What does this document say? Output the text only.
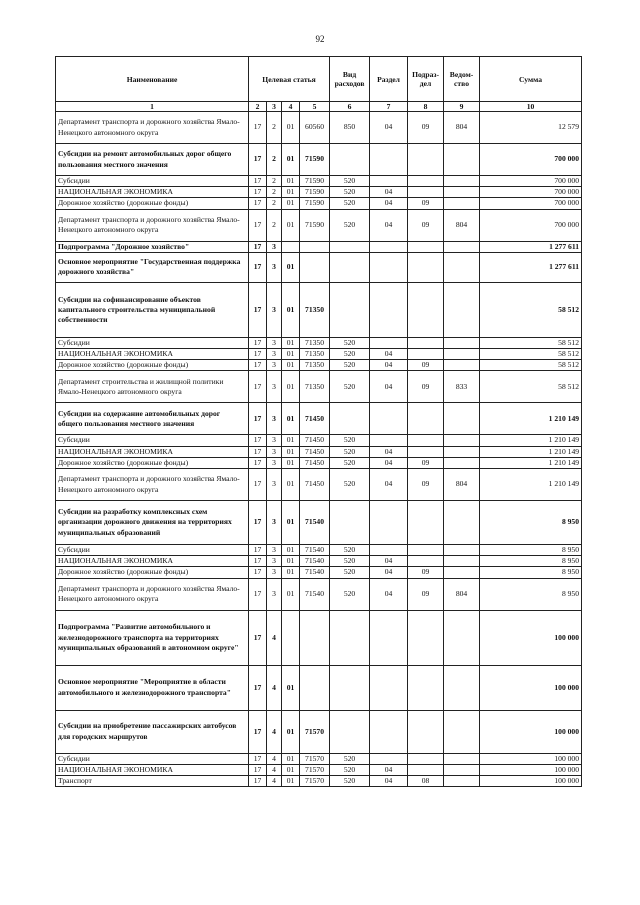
92
Наименование	Целевая статья				Вид расходов	Раздел	Подраз-дел	Ведом-ство	Сумма
1	2	3	4	5	6	7	8	9	10
Департамент транспорта и дорожного хозяйства Ямало-Ненецкого автономного округа	17	2	01	60560	850	04	09	804	12 579
Субсидии на ремонт автомобильных дорог общего пользования местного значения	17	2	01	71590					700 000
Субсидии	17	2	01	71590	520				700 000
НАЦИОНАЛЬНАЯ ЭКОНОМИКА	17	2	01	71590	520	04			700 000
Дорожное хозяйство (дорожные фонды)	17	2	01	71590	520	04	09		700 000
Департамент транспорта и дорожного хозяйства Ямало-Ненецкого автономного округа	17	2	01	71590	520	04	09	804	700 000
Подпрограмма "Дорожное хозяйство"	17	3							1 277 611
Основное мероприятие "Государственная поддержка дорожного хозяйства"	17	3	01						1 277 611
Субсидии на софинансирование объектов капитального строительства муниципальной собственности	17	3	01	71350					58 512
Субсидии	17	3	01	71350	520				58 512
НАЦИОНАЛЬНАЯ ЭКОНОМИКА	17	3	01	71350	520	04			58 512
Дорожное хозяйство (дорожные фонды)	17	3	01	71350	520	04	09		58 512
Департамент строительства и жилищной политики Ямало-Ненецкого автономного округа	17	3	01	71350	520	04	09	833	58 512
Субсидии на содержание автомобильных дорог общего пользования местного значения	17	3	01	71450					1 210 149
Субсидии	17	3	01	71450	520				1 210 149
НАЦИОНАЛЬНАЯ ЭКОНОМИКА	17	3	01	71450	520	04			1 210 149
Дорожное хозяйство (дорожные фонды)	17	3	01	71450	520	04	09		1 210 149
Департамент транспорта и дорожного хозяйства Ямало-Ненецкого автономного округа	17	3	01	71450	520	04	09	804	1 210 149
Субсидии на разработку комплексных схем организации дорожного движения на территориях муниципальных образований	17	3	01	71540					8 950
Субсидии	17	3	01	71540	520				8 950
НАЦИОНАЛЬНАЯ ЭКОНОМИКА	17	3	01	71540	520	04			8 950
Дорожное хозяйство (дорожные фонды)	17	3	01	71540	520	04	09		8 950
Департамент транспорта и дорожного хозяйства Ямало-Ненецкого автономного округа	17	3	01	71540	520	04	09	804	8 950
Подпрограмма "Развитие автомобильного и железнодорожного транспорта на территориях муниципальных образований в автономном округе"	17	4							100 000
Основное мероприятие "Мероприятие в области автомобильного и железнодорожного транспорта"	17	4	01						100 000
Субсидии на приобретение пассажирских автобусов для городских маршрутов	17	4	01	71570					100 000
Субсидии	17	4	01	71570	520				100 000
НАЦИОНАЛЬНАЯ ЭКОНОМИКА	17	4	01	71570	520	04			100 000
Транспорт	17	4	01	71570	520	04	08		100 000
